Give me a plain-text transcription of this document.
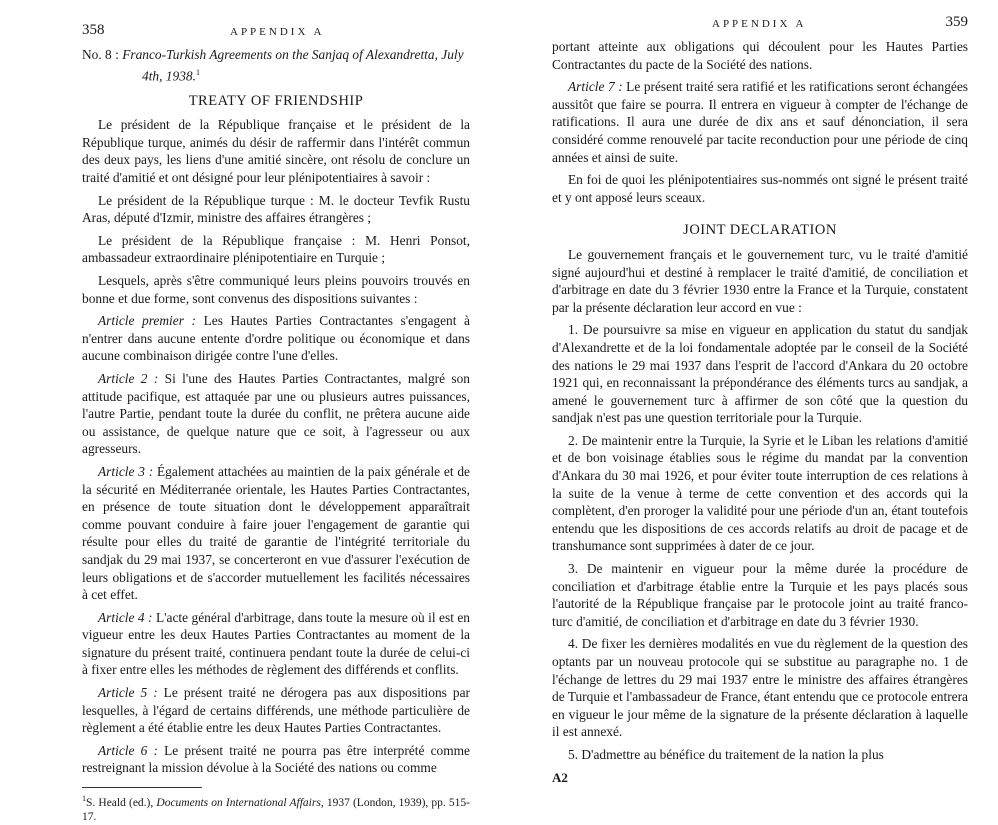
358	APPENDIX A
No. 8 : Franco-Turkish Agreements on the Sanjaq of Alexandretta, July 4th, 1938.$^1$
TREATY OF FRIENDSHIP

Le président de la République française et le président de la République turque, animés du désir de raffermir dans l'intérêt commun des deux pays, les liens d'une amitié sincère, ont résolu de conclure un traité d'amitié et ont désigné pour leur plénipotentiaires à savoir :

Le président de la République turque : M. le docteur Tevfik Rustu Aras, député d'Izmir, ministre des affaires étrangères ;

Le président de la République française : M. Henri Ponsot, ambassadeur extraordinaire plénipotentiaire en Turquie ;

Lesquels, après s'être communiqué leurs pleins pouvoirs trouvés en bonne et due forme, sont convenus des dispositions suivantes :

Article premier : Les Hautes Parties Contractantes s'engagent à n'entrer dans aucune entente d'ordre politique ou économique et dans aucune combinaison dirigée contre l'une d'elles.

Article 2 : Si l'une des Hautes Parties Contractantes, malgré son attitude pacifique, est attaquée par une ou plusieurs autres puissances, l'autre Partie, pendant toute la durée du conflit, ne prêtera aucune aide ou assistance, de quelque nature que ce soit, à l'agresseur ou aux agresseurs.

Article 3 : Également attachées au maintien de la paix générale et de la sécurité en Méditerranée orientale, les Hautes Parties Contractantes, en présence de toute situation dont le développement apparaîtrait comme pouvant conduire à faire jouer l'engagement de garantie qui résulte pour elles du traité de garantie de l'intégrité territoriale du sandjak du 29 mai 1937, se concerteront en vue d'assurer l'exécution de leurs obligations et de s'accorder mutuellement les facilités nécessaires à cet effet.

Article 4 : L'acte général d'arbitrage, dans toute la mesure où il est en vigueur entre les deux Hautes Parties Contractantes au moment de la signature du présent traité, continuera pendant toute la durée de celui-ci à fixer entre elles les méthodes de règlement des différends et conflits.

Article 5 : Le présent traité ne dérogera pas aux dispositions par lesquelles, à l'égard de certains différends, une méthode particulière de règlement a été établie entre les deux Hautes Parties Contractantes.

Article 6 : Le présent traité ne pourra pas être interprété comme restreignant la mission dévolue à la Société des nations ou comme

$^1$S. Heald (ed.), Documents on International Affairs, 1937 (London, 1939), pp. 515-17.
APPENDIX A	359

portant atteinte aux obligations qui découlent pour les Hautes Parties Contractantes du pacte de la Société des nations.

Article 7 : Le présent traité sera ratifié et les ratifications seront échangées aussitôt que faire se pourra. Il entrera en vigueur à compter de l'échange de ratifications. Il aura une durée de dix ans et sauf dénonciation, il sera considéré comme renouvelé par tacite reconduction pour une période de cinq années et ainsi de suite.

En foi de quoi les plénipotentiaires sus-nommés ont signé le présent traité et y ont apposé leurs sceaux.

JOINT DECLARATION

Le gouvernement français et le gouvernement turc, vu le traité d'amitié signé aujourd'hui et destiné à remplacer le traité d'amitié, de conciliation et d'arbitrage en date du 3 février 1930 entre la France et la Turquie, constatent par la présente déclaration leur accord en vue :

1. De poursuivre sa mise en vigueur en application du statut du sandjak d'Alexandrette et de la loi fondamentale adoptée par le conseil de la Société des nations le 29 mai 1937 dans l'esprit de l'accord d'Ankara du 20 octobre 1921 qui, en reconnaissant la prépondérance des éléments turcs au sandjak, a amené le gouvernement turc à affirmer de son côté que la question du sandjak n'est pas une question territoriale pour la Turquie.

2. De maintenir entre la Turquie, la Syrie et le Liban les relations d'amitié et de bon voisinage établies sous le régime du mandat par la convention d'Ankara du 30 mai 1926, et pour éviter toute interruption de ces relations à la suite de la venue à terme de cette convention et des accords qui la complètent, d'en proroger la validité pour une période d'un an, étant toutefois entendu que les dispositions de ces accords relatifs au droit de pacage et de transhumance sont supprimées à dater de ce jour.

3. De maintenir en vigueur pour la même durée la procédure de conciliation et d'arbitrage établie entre la Turquie et les pays placés sous l'autorité de la République française par le protocole joint au traité franco-turc d'amitié, de conciliation et d'arbitrage en date du 3 février 1930.

4. De fixer les dernières modalités en vue du règlement de la question des optants par un nouveau protocole qui se substitue au paragraphe no. 1 de l'échange de lettres du 29 mai 1937 entre le ministre des affaires étrangères de Turquie et l'ambassadeur de France, étant entendu que ce protocole entrera en vigueur le jour même de la signature de la présente déclaration à laquelle il est annexé.

5. D'admettre au bénéfice du traitement de la nation la plus

A2
